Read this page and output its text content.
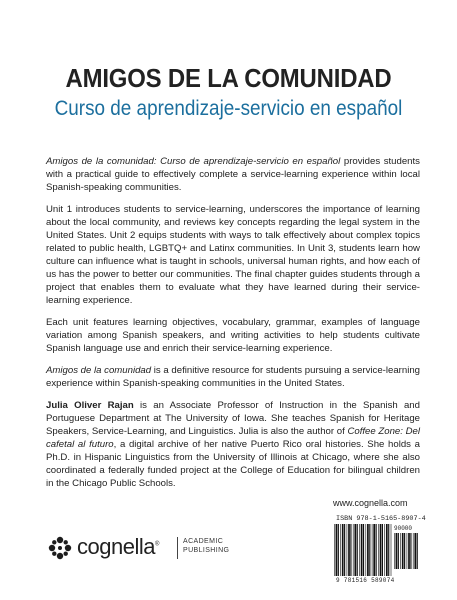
AMIGOS DE LA COMUNIDAD
Curso de aprendizaje-servicio en español

Amigos de la comunidad: Curso de aprendizaje-servicio en español provides students with a practical guide to effectively complete a service-learning experience within local Spanish-speaking communities.

Unit 1 introduces students to service-learning, underscores the importance of learning about the local community, and reviews key concepts regarding the legal system in the United States. Unit 2 equips students with ways to talk effectively about complex topics related to public health, LGBTQ+ and Latinx communities. In Unit 3, students learn how culture can influence what is taught in schools, universal human rights, and how each of us has the power to better our communities. The final chapter guides students through a project that enables them to evaluate what they have learned during their service-learning experience.

Each unit features learning objectives, vocabulary, grammar, examples of language variation among Spanish speakers, and writing activities to help students cultivate Spanish language use and enrich their service-learning experience.

Amigos de la comunidad is a definitive resource for students pursuing a service-learning experience within Spanish-speaking communities in the United States.

Julia Oliver Rajan is an Associate Professor of Instruction in the Spanish and Portuguese Department at The University of Iowa. She teaches Spanish for Heritage Speakers, Service-Learning, and Linguistics. Julia is also the author of Coffee Zone: Del cafetal al futuro, a digital archive of her native Puerto Rico oral histories. She holds a Ph.D. in Hispanic Linguistics from the University of Illinois at Chicago, where she also coordinated a federally funded project at the College of Education for bilingual children in the Chicago Public Schools.

www.cognella.com
cognella®	ACADEMIC
PUBLISHING
ISBN 978-1-5165-8907-4
90000
9 781516 589074
